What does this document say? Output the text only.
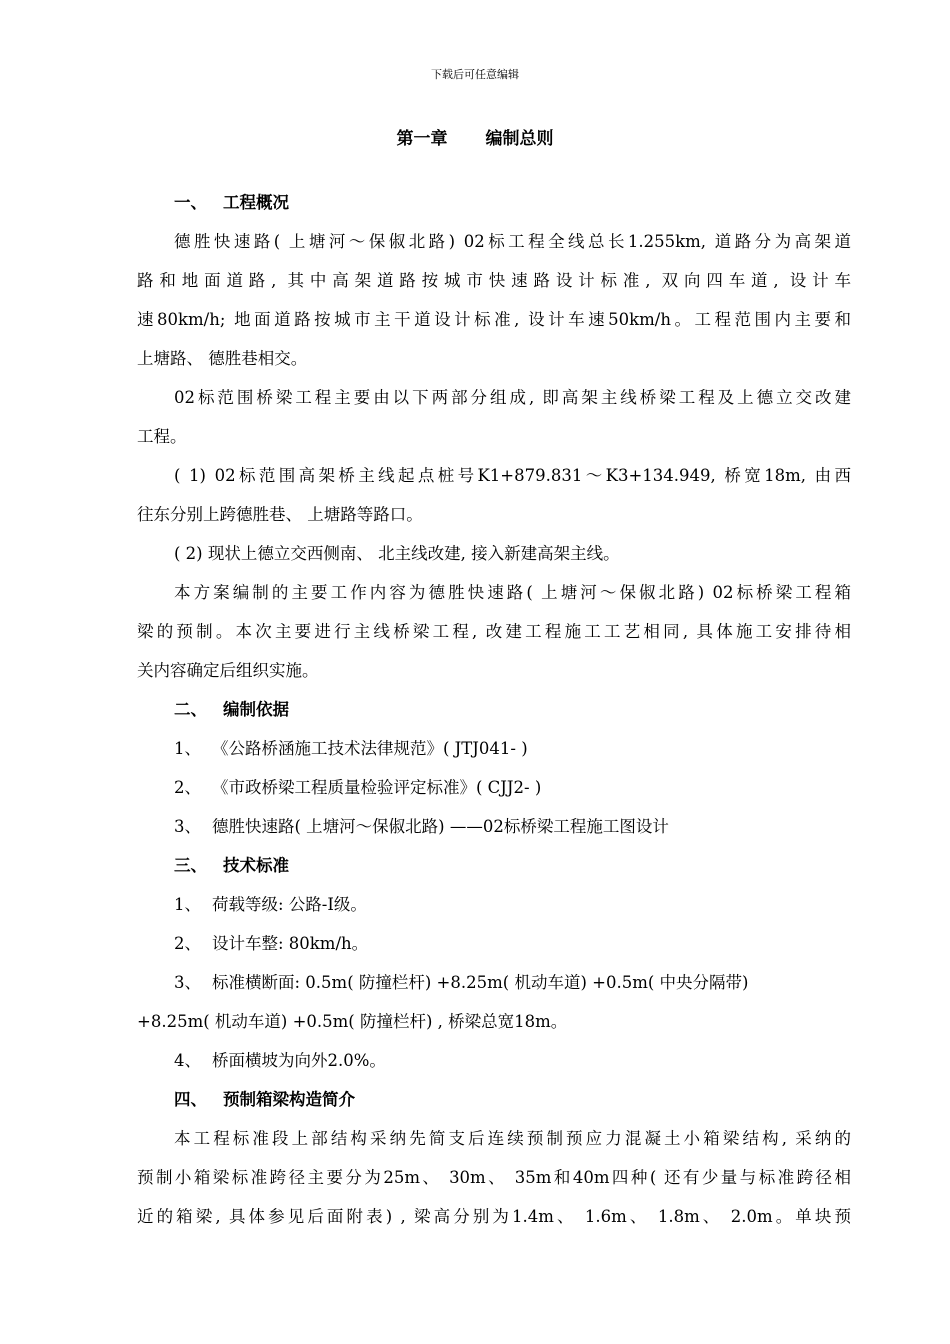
下载后可任意编辑
第一章 编制总则
一、 工程概况
德胜快速路( 上塘河～保俶北路) 02标工程全线总长1.255km, 道路分为高架道
路和地面道路, 其中高架道路按城市快速路设计标准, 双向四车道, 设计车
速80km/h; 地面道路按城市主干道设计标准, 设计车速50km/h。工程范围内主要和
上塘路、 德胜巷相交。
02标范围桥梁工程主要由以下两部分组成, 即高架主线桥梁工程及上德立交改建
工程。
( 1) 02标范围高架桥主线起点桩号K1+879.831～K3+134.949, 桥宽18m, 由西
往东分别上跨德胜巷、 上塘路等路口。
( 2) 现状上德立交西侧南、 北主线改建, 接入新建高架主线。
本方案编制的主要工作内容为德胜快速路( 上塘河～保俶北路) 02标桥梁工程箱
梁的预制。本次主要进行主线桥梁工程, 改建工程施工工艺相同, 具体施工安排待相
关内容确定后组织实施。
二、 编制依据
1、 《公路桥涵施工技术法律规范》( JTJ041- )
2、 《市政桥梁工程质量检验评定标准》( CJJ2- )
3、 德胜快速路( 上塘河～保俶北路) ——02标桥梁工程施工图设计
三、 技术标准
1、 荷载等级: 公路-Ⅰ级。
2、 设计车整: 80km/h。
3、 标准横断面: 0.5m( 防撞栏杆) +8.25m( 机动车道) +0.5m( 中央分隔带)
+8.25m( 机动车道) +0.5m( 防撞栏杆) , 桥梁总宽18m。
4、 桥面横坡为向外2.0%。
四、 预制箱梁构造简介
本工程标准段上部结构采纳先简支后连续预制预应力混凝土小箱梁结构, 采纳的
预制小箱梁标准跨径主要分为25m、 30m、 35m和40m四种( 还有少量与标准跨径相
近的箱梁, 具体参见后面附表) , 梁高分别为1.4m、 1.6m、 1.8m、 2.0m。单块预
